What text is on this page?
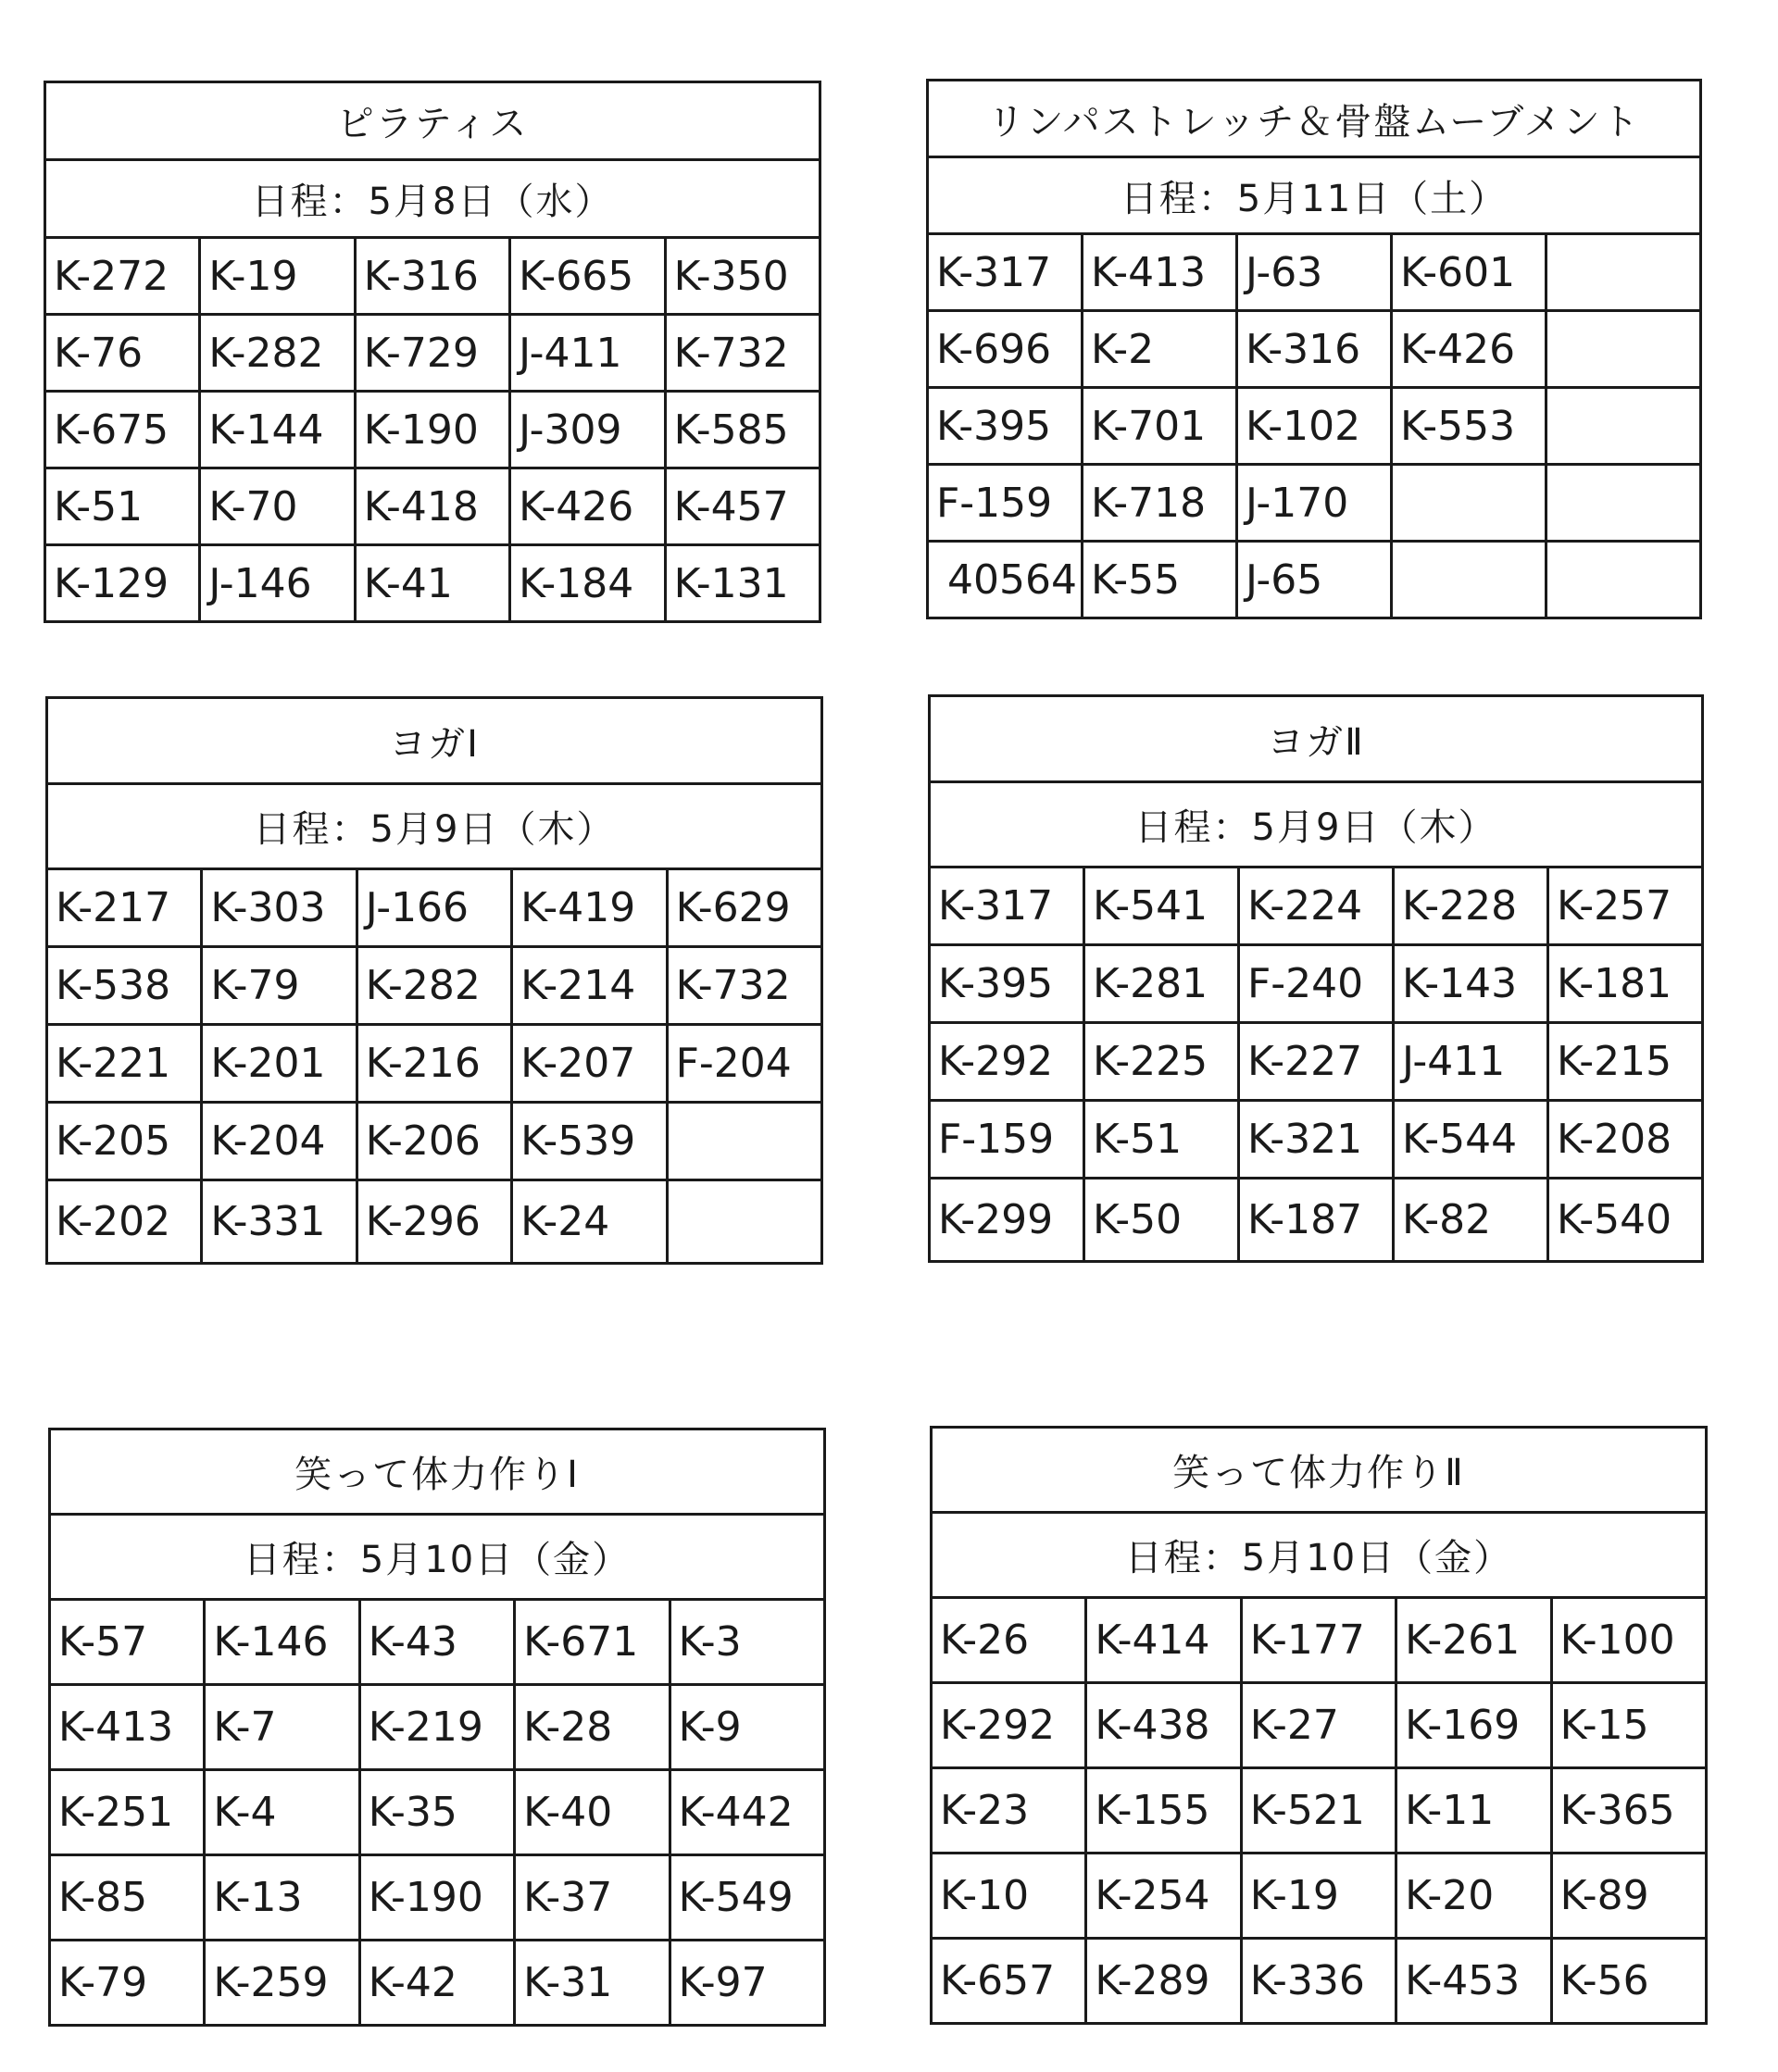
ピラティス				
日程：5月8日（水）				
K-272	K-19	K-316	K-665	K-350
K-76	K-282	K-729	J-411	K-732
K-675	K-144	K-190	J-309	K-585
K-51	K-70	K-418	K-426	K-457
K-129	J-146	K-41	K-184	K-131
リンパストレッチ＆骨盤ムーブメント				
日程：5月11日（土）				
K-317	K-413	J-63	K-601	
K-696	K-2	K-316	K-426	
K-395	K-701	K-102	K-553	
F-159	K-718	J-170		
40564	K-55	J-65		
ヨガⅠ				
日程：5月9日（木）				
K-217	K-303	J-166	K-419	K-629
K-538	K-79	K-282	K-214	K-732
K-221	K-201	K-216	K-207	F-204
K-205	K-204	K-206	K-539	
K-202	K-331	K-296	K-24	
ヨガⅡ				
日程：5月9日（木）				
K-317	K-541	K-224	K-228	K-257
K-395	K-281	F-240	K-143	K-181
K-292	K-225	K-227	J-411	K-215
F-159	K-51	K-321	K-544	K-208
K-299	K-50	K-187	K-82	K-540
笑って体力作りⅠ				
日程：5月10日（金）				
K-57	K-146	K-43	K-671	K-3
K-413	K-7	K-219	K-28	K-9
K-251	K-4	K-35	K-40	K-442
K-85	K-13	K-190	K-37	K-549
K-79	K-259	K-42	K-31	K-97
笑って体力作りⅡ				
日程：5月10日（金）				
K-26	K-414	K-177	K-261	K-100
K-292	K-438	K-27	K-169	K-15
K-23	K-155	K-521	K-11	K-365
K-10	K-254	K-19	K-20	K-89
K-657	K-289	K-336	K-453	K-56
